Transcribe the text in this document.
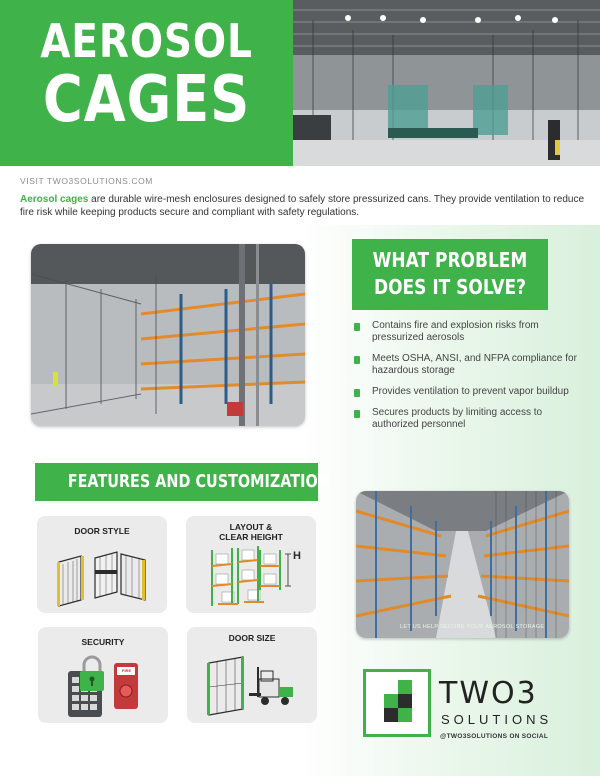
AEROSOL
CAGES
VISIT TWO3SOLUTIONS.COM
Aerosol cages are durable wire-mesh enclosures designed to safely store pressurized cans. They provide ventilation to reduce fire risk while keeping products secure and compliant with safety regulations.
WHAT PROBLEM
DOES IT SOLVE?
Contains fire and explosion risks from pressurized aerosols
Meets OSHA, ANSI, and NFPA compliance for hazardous storage
Provides ventilation to prevent vapor buildup
Secures products by limiting access to authorized personnel
FEATURES AND CUSTOMIZATION
DOOR STYLE	LAYOUT &
CLEAR HEIGHT
H
SECURITY
FIRE
DOOR SIZE
LET US HELP SECURE YOUR AEROSOL STORAGE
TWO3
SOLUTIONS
@TWO3SOLUTIONS ON SOCIAL
